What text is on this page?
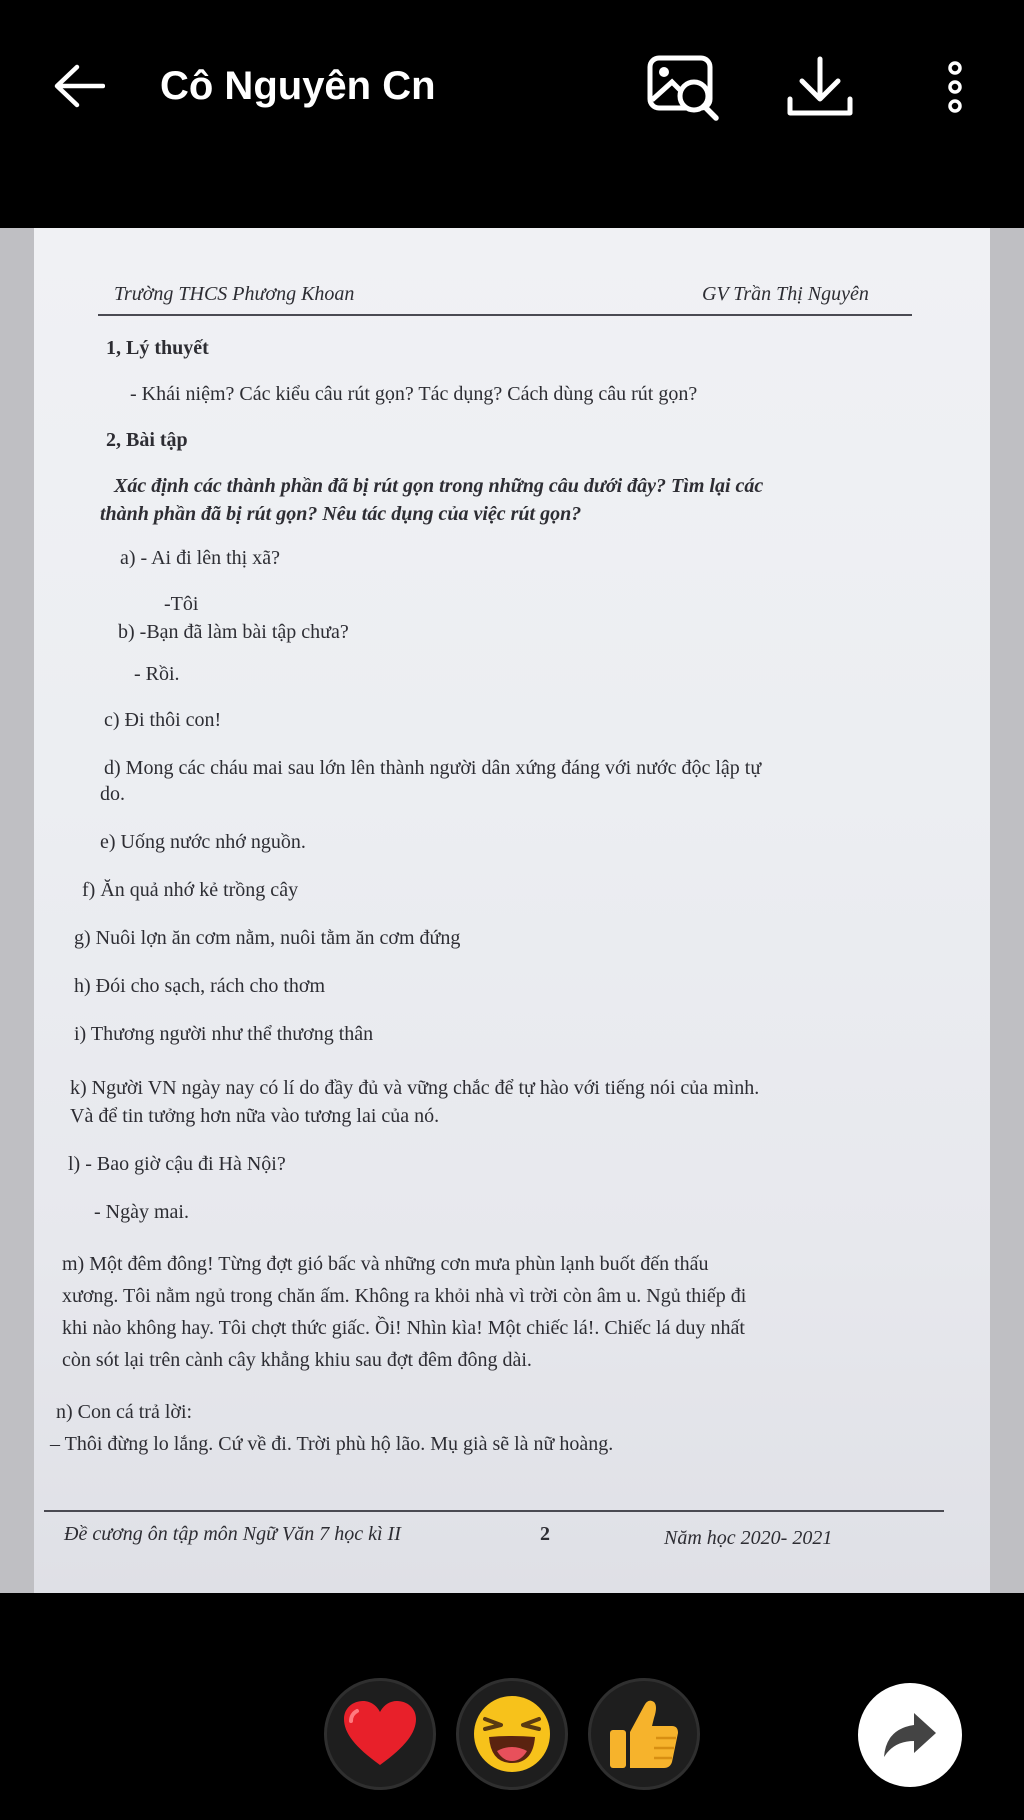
Cô Nguyên Cn
Trường THCS Phương Khoan	GV Trần Thị Nguyên
1, Lý thuyết
- Khái niệm? Các kiểu câu rút gọn? Tác dụng? Cách dùng câu rút gọn?
2, Bài tập
Xác định các thành phần đã bị rút gọn trong những câu dưới đây? Tìm lại các
thành phần đã bị rút gọn? Nêu tác dụng của việc rút gọn?
a) - Ai đi lên thị xã?
-Tôi
b) -Bạn đã làm bài tập chưa?
- Rồi.
c) Đi thôi con!
d) Mong các cháu mai sau lớn lên thành người dân xứng đáng với nước độc lập tự
do.
e) Uống nước nhớ nguồn.
f) Ăn quả nhớ kẻ trồng cây
g) Nuôi lợn ăn cơm nằm, nuôi tằm ăn cơm đứng
h) Đói cho sạch, rách cho thơm
i) Thương người như thể thương thân
k) Người VN ngày nay có lí do đầy đủ và vững chắc để tự hào với tiếng nói của mình.
Và để tin tưởng hơn nữa vào tương lai của nó.
l) - Bao giờ cậu đi Hà Nội?
- Ngày mai.
m) Một đêm đông! Từng đợt gió bấc và những cơn mưa phùn lạnh buốt đến thấu
xương. Tôi nằm ngủ trong chăn ấm. Không ra khỏi nhà vì trời còn âm u. Ngủ thiếp đi
khi nào không hay. Tôi chợt thức giấc. Ồi! Nhìn kìa! Một chiếc lá!. Chiếc lá duy nhất
còn sót lại trên cành cây khẳng khiu sau đợt đêm đông dài.
n) Con cá trả lời:
– Thôi đừng lo lắng. Cứ về đi. Trời phù hộ lão. Mụ già sẽ là nữ hoàng.
Đề cương ôn tập môn Ngữ Văn 7 học kì II	2	Năm học 2020- 2021
